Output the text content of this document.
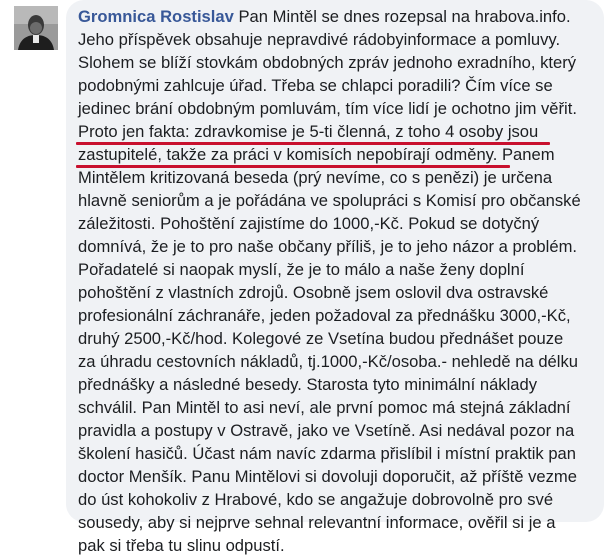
Gromnica Rostislav Pan Mintěl se dnes rozepsal na hrabova.info.
Jeho příspěvek obsahuje nepravdivé rádobyinformace a pomluvy.
Slohem se blíží stovkám obdobných zpráv jednoho exradního, který
podobnými zahlcuje úřad. Třeba se chlapci poradili? Čím více se
jedinec brání obdobným pomluvám, tím více lidí je ochotno jim věřit.
Proto jen fakta: zdravkomise je 5-ti členná, z toho 4 osoby jsou
zastupitelé, takže za práci v komisích nepobírají odměny. Panem
Mintělem kritizovaná beseda (prý nevíme, co s penězi) je určena
hlavně seniorům a je pořádána ve spolupráci s Komisí pro občanské
záležitosti. Pohoštění zajistíme do 1000,-Kč. Pokud se dotyčný
domnívá, že je to pro naše občany příliš, je to jeho názor a problém.
Pořadatelé si naopak myslí, že je to málo a naše ženy doplní
pohoštění z vlastních zdrojů. Osobně jsem oslovil dva ostravské
profesionální záchranáře, jeden požadoval za přednášku 3000,-Kč,
druhý 2500,-Kč/hod. Kolegové ze Vsetína budou přednášet pouze
za úhradu cestovních nákladů, tj.1000,-Kč/osoba.- nehledě na délku
přednášky a následné besedy. Starosta tyto minimální náklady
schválil. Pan Mintěl to asi neví, ale první pomoc má stejná základní
pravidla a postupy v Ostravě, jako ve Vsetíně. Asi nedával pozor na
školení hasičů. Účast nám navíc zdarma přislíbil i místní praktik pan
doctor Menšík. Panu Mintělovi si dovoluji doporučit, až příště vezme
do úst kohokoliv z Hrabové, kdo se angažuje dobrovolně pro své
sousedy, aby si nejprve sehnal relevantní informace, ověřil si je a
pak si třeba tu slinu odpustí.
